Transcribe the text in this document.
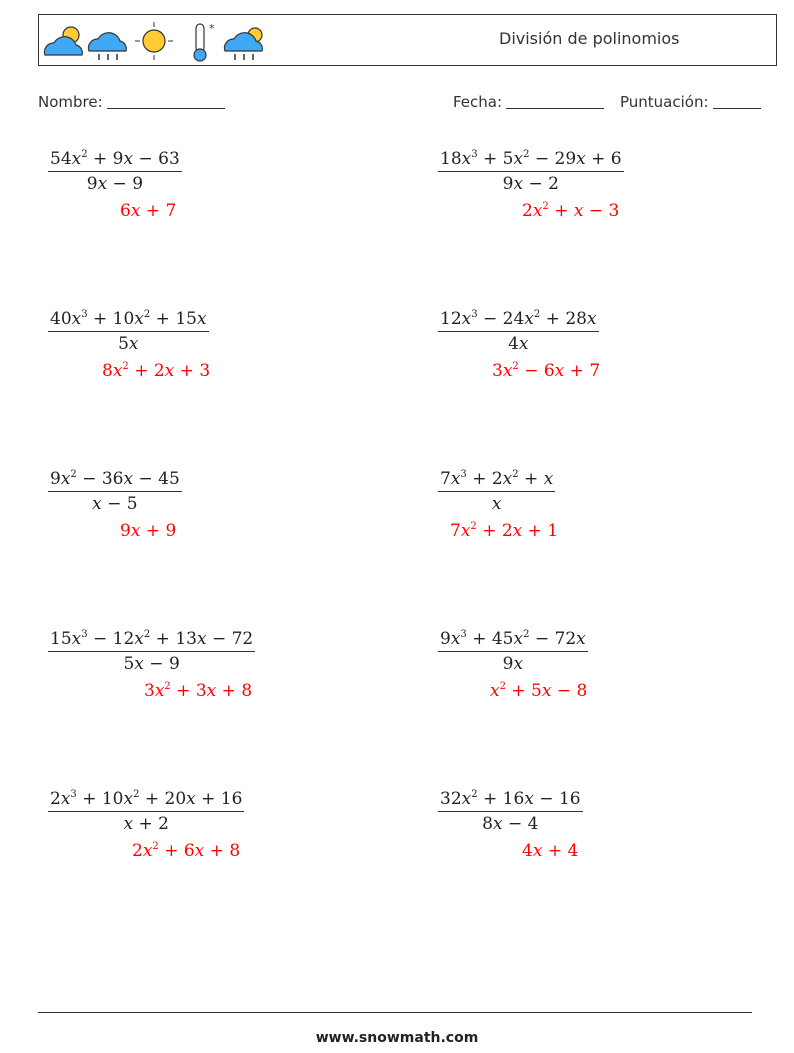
*
División de polinomios
Nombre:	Fecha:	Puntuación:
$\frac{54x^2 + 9x - 63}{9x - 9}$
6x + 7
$\frac{18x^3 + 5x^2 - 29x + 6}{9x - 2}$
$2x^2 + x - 3$
$\frac{40x^3 + 10x^2 + 15x}{5x}$
$8x^2 + 2x + 3$
$\frac{12x^3 - 24x^2 + 28x}{4x}$
$3x^2 - 6x + 7$
$\frac{9x^2 - 36x - 45}{x - 5}$
9x + 9
$\frac{7x^3 + 2x^2 + x}{x}$
$7x^2 + 2x + 1$
$\frac{15x^3 - 12x^2 + 13x - 72}{5x - 9}$
$3x^2 + 3x + 8$
$\frac{9x^3 + 45x^2 - 72x}{9x}$
$x^2 + 5x - 8$
$\frac{2x^3 + 10x^2 + 20x + 16}{x + 2}$
$2x^2 + 6x + 8$
$\frac{32x^2 + 16x - 16}{8x - 4}$
4x + 4
www.snowmath.com
